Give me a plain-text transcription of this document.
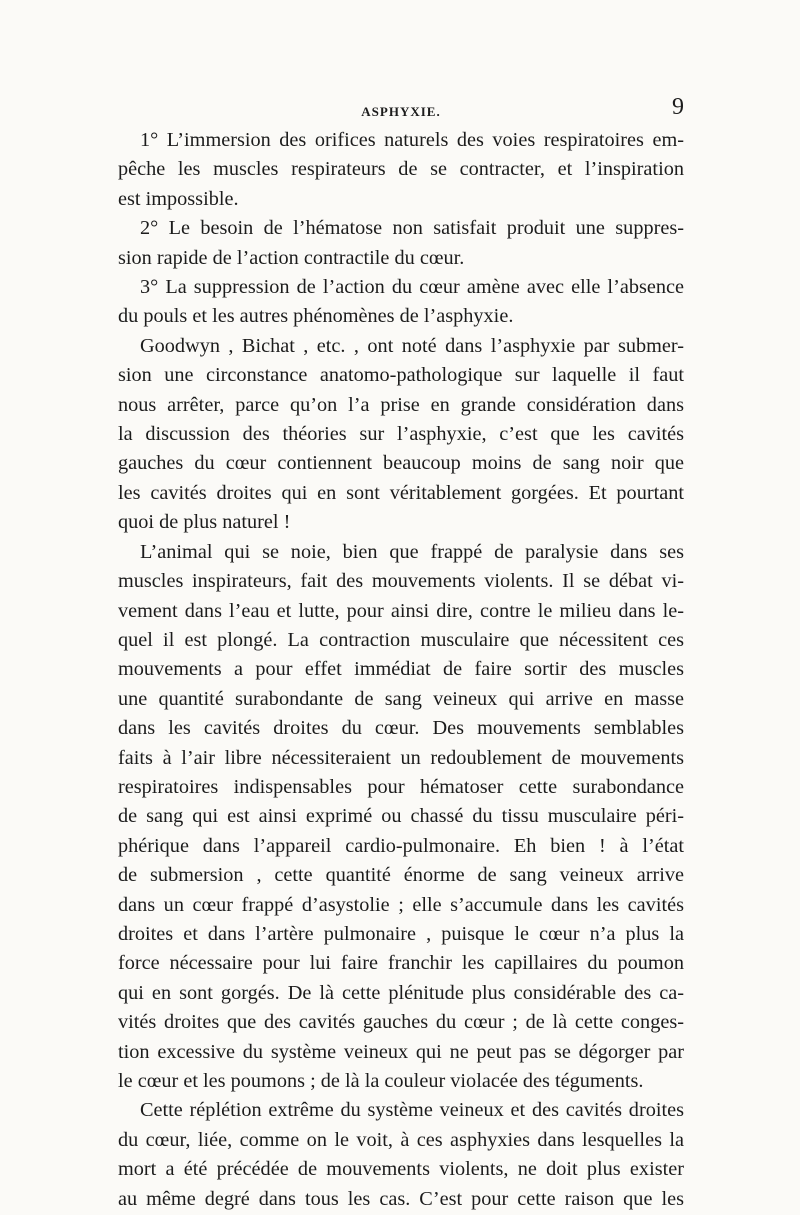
ASPHYXIE.	9
1° L’immersion des orifices naturels des voies respiratoires em-
pêche les muscles respirateurs de se contracter, et l’inspiration
est impossible.
2° Le besoin de l’hématose non satisfait produit une suppres-
sion rapide de l’action contractile du cœur.
3° La suppression de l’action du cœur amène avec elle l’absence
du pouls et les autres phénomènes de l’asphyxie.
Goodwyn , Bichat , etc. , ont noté dans l’asphyxie par submer-
sion une circonstance anatomo-pathologique sur laquelle il faut
nous arrêter, parce qu’on l’a prise en grande considération dans
la discussion des théories sur l’asphyxie, c’est que les cavités
gauches du cœur contiennent beaucoup moins de sang noir que
les cavités droites qui en sont véritablement gorgées. Et pourtant
quoi de plus naturel !
L’animal qui se noie, bien que frappé de paralysie dans ses
muscles inspirateurs, fait des mouvements violents. Il se débat vi-
vement dans l’eau et lutte, pour ainsi dire, contre le milieu dans le-
quel il est plongé. La contraction musculaire que nécessitent ces
mouvements a pour effet immédiat de faire sortir des muscles
une quantité surabondante de sang veineux qui arrive en masse
dans les cavités droites du cœur. Des mouvements semblables
faits à l’air libre nécessiteraient un redoublement de mouvements
respiratoires indispensables pour hématoser cette surabondance
de sang qui est ainsi exprimé ou chassé du tissu musculaire péri-
phérique dans l’appareil cardio-pulmonaire. Eh bien ! à l’état
de submersion , cette quantité énorme de sang veineux arrive
dans un cœur frappé d’asystolie ; elle s’accumule dans les cavités
droites et dans l’artère pulmonaire , puisque le cœur n’a plus la
force nécessaire pour lui faire franchir les capillaires du poumon
qui en sont gorgés. De là cette plénitude plus considérable des ca-
vités droites que des cavités gauches du cœur ; de là cette conges-
tion excessive du système veineux qui ne peut pas se dégorger par
le cœur et les poumons ; de là la couleur violacée des téguments.
Cette réplétion extrême du système veineux et des cavités droites
du cœur, liée, comme on le voit, à ces asphyxies dans lesquelles la
mort a été précédée de mouvements violents, ne doit plus exister
au même degré dans tous les cas. C’est pour cette raison que les
